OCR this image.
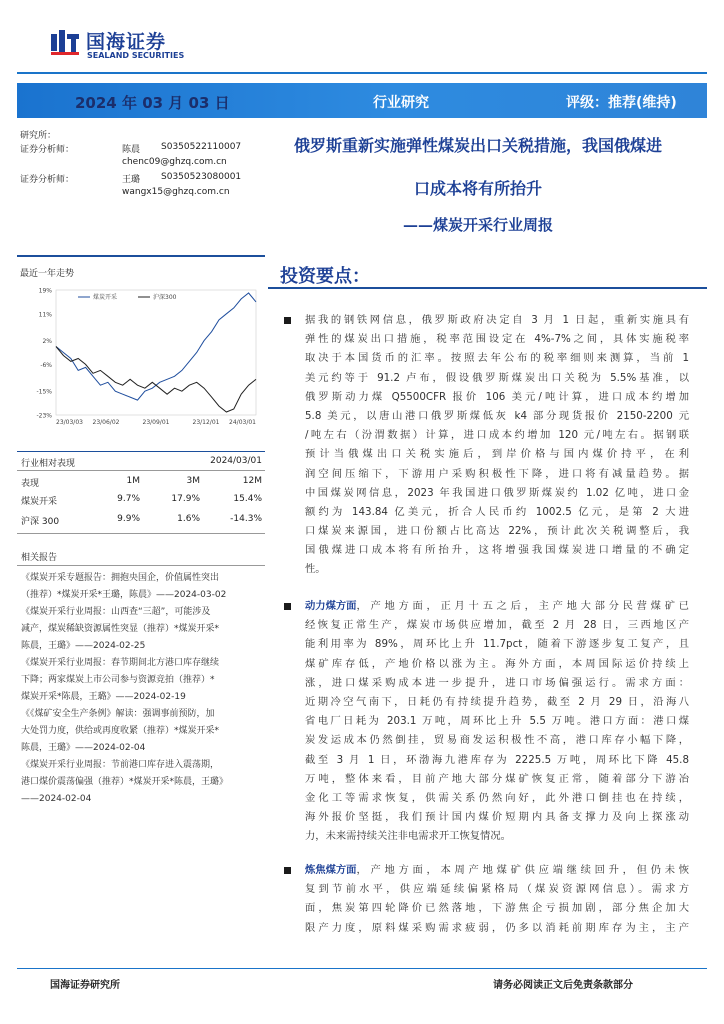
国海证券
SEALAND SECURITIES
2024 年 03 月 03 日	行业研究	评级：推荐(维持)
研究所：
证券分析师：	陈晨 S0350522110007
chenc09@ghzq.com.cn
证券分析师：	王璐 S0350523080001
wangx15@ghzq.com.cn
俄罗斯重新实施弹性煤炭出口关税措施，我国俄煤进
口成本将有所抬升
——煤炭开采行业周报
最近一年走势
19%
11%
2%
-6%
-15%
-23%
23/03/03 23/06/02	23/09/01	23/12/01 24/03/01
煤炭开采	沪深300
行业相对表现	2024/03/01
表现	1M	3M	12M
煤炭开采	9.7%	17.9%	15.4%
沪深 300	9.9%	1.6%	-14.3%
相关报告
《煤炭开采专题报告：拥抱央国企，价值属性突出
（推荐）*煤炭开采*王璐，陈晨》——2024-03-02
《煤炭开采行业周报：山西查“三超”，可能涉及
减产，煤炭稀缺资源属性突显（推荐）*煤炭开采*
陈晨，王璐》——2024-02-25
《煤炭开采行业周报：春节期间北方港口库存继续
下降；两家煤炭上市公司参与资源竞拍（推荐）*
煤炭开采*陈晨，王璐》——2024-02-19
《《煤矿安全生产条例》解读：强调事前预防，加
大处罚力度，供给或再度收紧（推荐）*煤炭开采*
陈晨，王璐》——2024-02-04
《煤炭开采行业周报：节前港口库存进入震荡期，
港口煤价震荡偏强（推荐）*煤炭开采*陈晨，王璐》
——2024-02-04
投资要点：
据我的钢铁网信息，俄罗斯政府决定自 3 月 1 日起，重新实施具有
弹性的煤炭出口措施，税率范围设定在 4%-7%之间，具体实施税率
取决于本国货币的汇率。按照去年公布的税率细则来测算，当前 1
美元约等于 91.2 卢布，假设俄罗斯煤炭出口关税为 5.5%基准，以
俄罗斯动力煤 Q5500CFR 报价 106 美元/吨计算，进口成本约增加
5.8 美元，以唐山港口俄罗斯煤低灰 k4 部分现货报价 2150-2200 元
/吨左右（汾渭数据）计算，进口成本约增加 120 元/吨左右。据钢联
预计当俄煤出口关税实施后，到岸价格与国内煤价持平，在利
润空间压缩下，下游用户采购积极性下降，进口将有减量趋势。据
中国煤炭网信息，2023 年我国进口俄罗斯煤炭约 1.02 亿吨，进口金
额约为 143.84 亿美元，折合人民币约 1002.5 亿元，是第 2 大进
口煤炭来源国，进口份额占比高达 22%，预计此次关税调整后，我
国俄煤进口成本将有所抬升，这将增强我国煤炭进口增量的不确定
性。
动力煤方面 ，产地方面，正月十五之后，主产地大部分民营煤矿已
经恢复正常生产，煤炭市场供应增加，截至 2 月 28 日，三西地区产
能利用率为 89%，周环比上升 11.7pct，随着下游逐步复工复产，且
煤矿库存低，产地价格以涨为主。海外方面，本周国际运价持续上
涨，进口煤采购成本进一步提升，进口市场偏强运行。需求方面：
近期冷空气南下，日耗仍有持续提升趋势，截至 2 月 29 日，沿海八
省电厂日耗为 203.1 万吨，周环比上升 5.5 万吨。港口方面：港口煤
炭发运成本仍然倒挂，贸易商发运积极性不高，港口库存小幅下降，
截至 3 月 1 日，环渤海九港库存为 2225.5 万吨，周环比下降 45.8
万吨，整体来看，目前产地大部分煤矿恢复正常，随着部分下游冶
金化工等需求恢复，供需关系仍然向好，此外港口倒挂也在持续，
海外报价坚挺，我们预计国内煤价短期内具备支撑力及向上探涨动
力，未来需持续关注非电需求开工恢复情况。
炼焦煤方面 ，产地方面，本周产地煤矿供应端继续回升，但仍未恢
复到节前水平，供应端延续偏紧格局（煤炭资源网信息）。需求方
面，焦炭第四轮降价已然落地，下游焦企亏损加剧，部分焦企加大
限产力度，原料煤采购需求疲弱，仍多以消耗前期库存为主，主产
国海证券研究所	请务必阅读正文后免责条款部分
